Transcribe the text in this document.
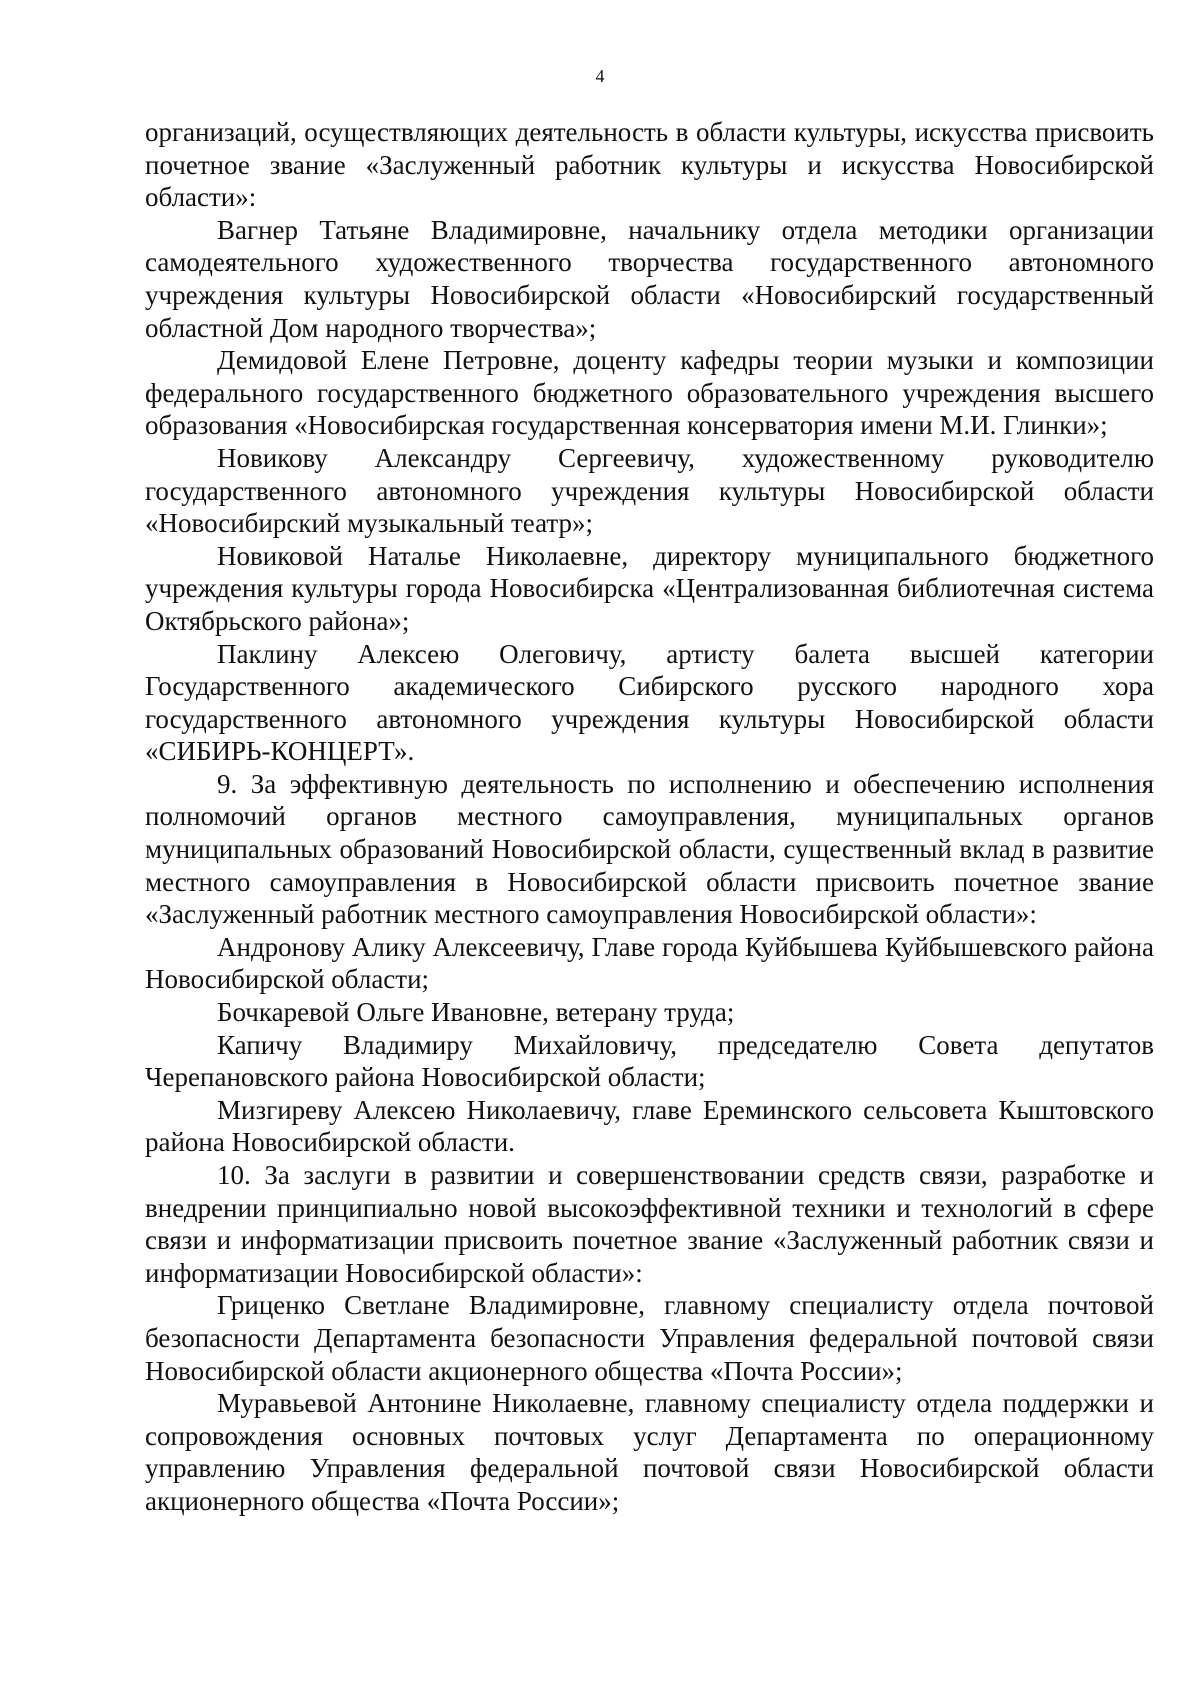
4

организаций, осуществляющих деятельность в области культуры, искусства присвоить почетное звание «Заслуженный работник культуры и искусства Новосибирской области»:

Вагнер Татьяне Владимировне, начальнику отдела методики организации самодеятельного художественного творчества государственного автономного учреждения культуры Новосибирской области «Новосибирский государственный областной Дом народного творчества»;

Демидовой Елене Петровне, доценту кафедры теории музыки и композиции федерального государственного бюджетного образовательного учреждения высшего образования «Новосибирская государственная консерватория имени М.И. Глинки»;

Новикову Александру Сергеевичу, художественному руководителю государственного автономного учреждения культуры Новосибирской области «Новосибирский музыкальный театр»;

Новиковой Наталье Николаевне, директору муниципального бюджетного учреждения культуры города Новосибирска «Централизованная библиотечная система Октябрьского района»;

Паклину Алексею Олеговичу, артисту балета высшей категории Государственного академического Сибирского русского народного хора государственного автономного учреждения культуры Новосибирской области «СИБИРЬ-КОНЦЕРТ».

9. За эффективную деятельность по исполнению и обеспечению исполнения полномочий органов местного самоуправления, муниципальных органов муниципальных образований Новосибирской области, существенный вклад в развитие местного самоуправления в Новосибирской области присвоить почетное звание «Заслуженный работник местного самоуправления Новосибирской области»:

Андронову Алику Алексеевичу, Главе города Куйбышева Куйбышевского района Новосибирской области;

Бочкаревой Ольге Ивановне, ветерану труда;

Капичу Владимиру Михайловичу, председателю Совета депутатов Черепановского района Новосибирской области;

Мизгиреву Алексею Николаевичу, главе Ереминского сельсовета Кыштовского района Новосибирской области.

10. За заслуги в развитии и совершенствовании средств связи, разработке и внедрении принципиально новой высокоэффективной техники и технологий в сфере связи и информатизации присвоить почетное звание «Заслуженный работник связи и информатизации Новосибирской области»:

Гриценко Светлане Владимировне, главному специалисту отдела почтовой безопасности Департамента безопасности Управления федеральной почтовой связи Новосибирской области акционерного общества «Почта России»;

Муравьевой Антонине Николаевне, главному специалисту отдела поддержки и сопровождения основных почтовых услуг Департамента по операционному управлению Управления федеральной почтовой связи Новосибирской области акционерного общества «Почта России»;
